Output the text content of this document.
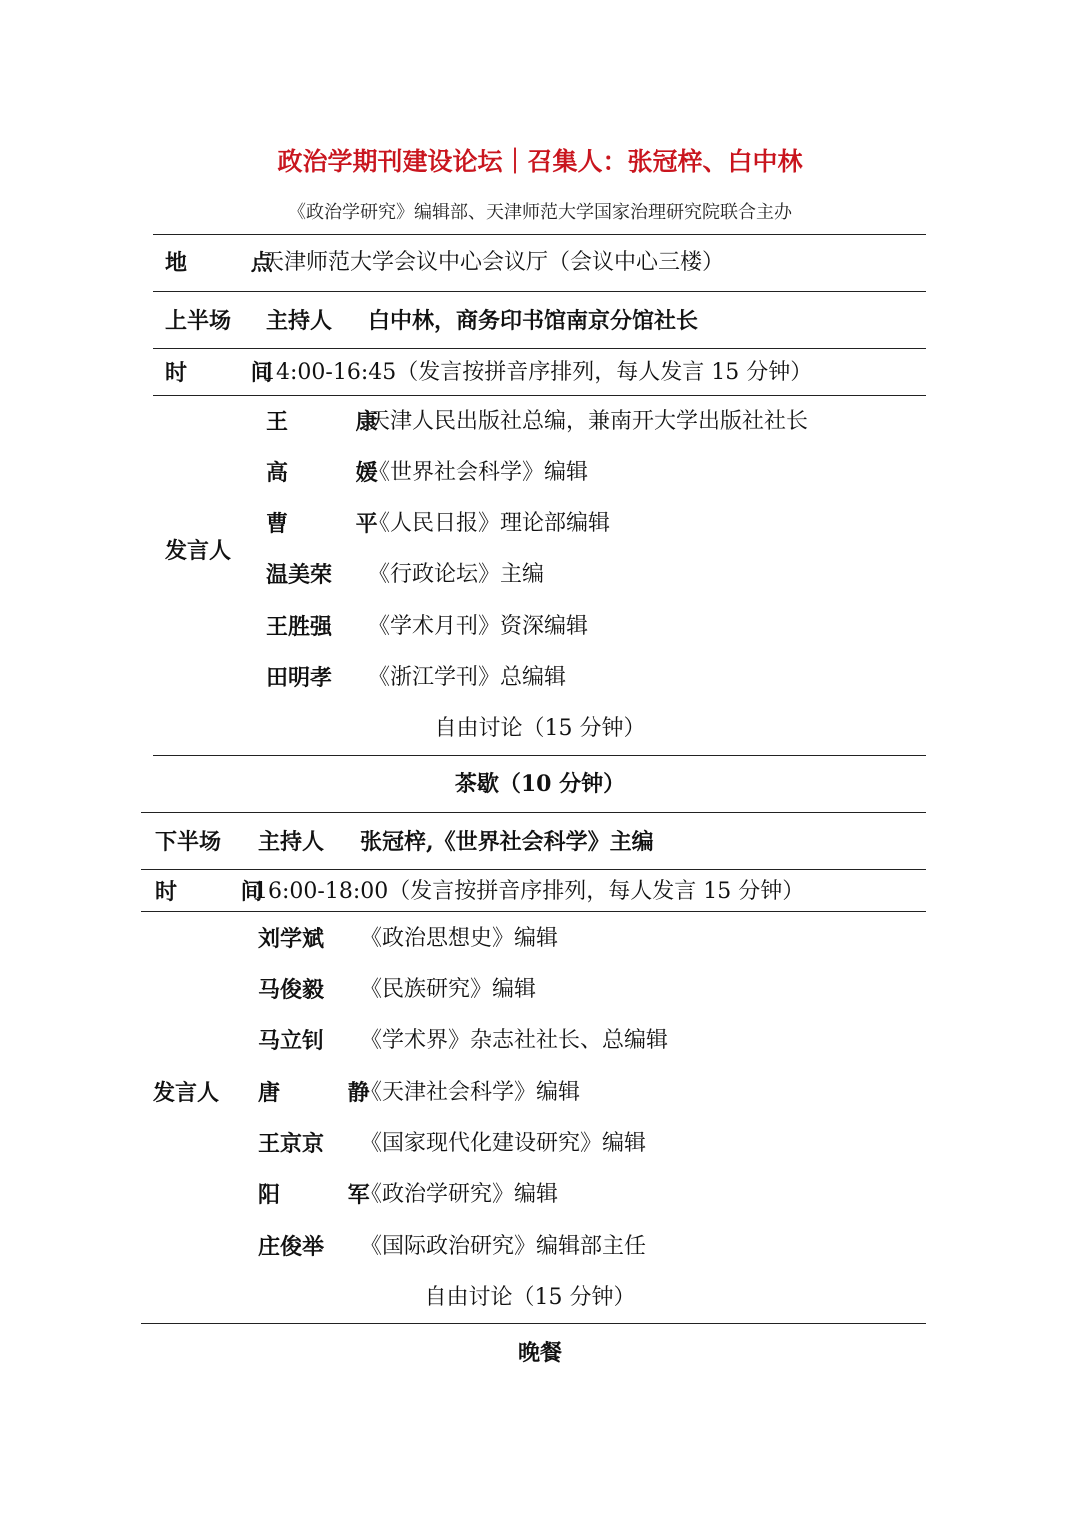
政治学期刊建设论坛｜召集人：张冠梓、白中林
《政治学研究》编辑部、天津师范大学国家治理研究院联合主办
地 点
天津师范大学会议中心会议厅（会议中心三楼）
上半场 主持人 白中林，商务印书馆南京分馆社长
时 间
14:00-16:45（发言按拼音序排列，每人发言 15 分钟）
发言人
王 康
天津人民出版社总编，兼南开大学出版社社长
高 媛
《世界社会科学》编辑
曹 平
《人民日报》理论部编辑
温美荣 《行政论坛》主编
王胜强 《学术月刊》资深编辑
田明孝 《浙江学刊》总编辑
自由讨论（15 分钟）
茶歇（10 分钟）
下半场 主持人 张冠梓,《世界社会科学》主编
时 间
16:00-18:00（发言按拼音序排列，每人发言 15 分钟）
发言人
刘学斌 《政治思想史》编辑
马俊毅 《民族研究》编辑
马立钊 《学术界》杂志社社长、总编辑
唐 静
《天津社会科学》编辑
王京京 《国家现代化建设研究》编辑
阳 军
《政治学研究》编辑
庄俊举 《国际政治研究》编辑部主任
自由讨论（15 分钟）
晚餐
